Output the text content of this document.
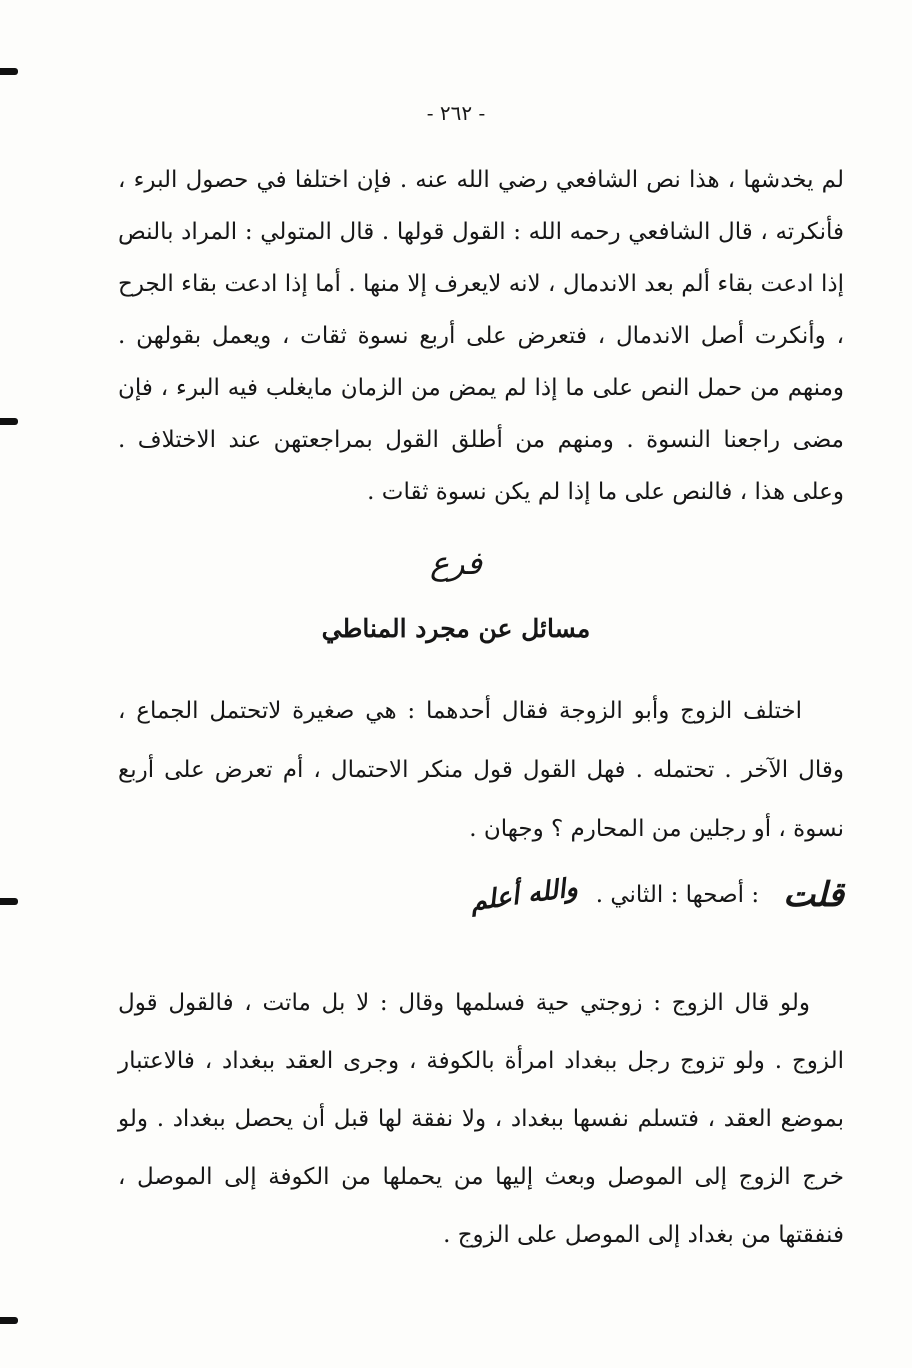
- ٢٦٢ -

لم يخدشها ، هذا نص الشافعي رضي الله عنه . فإن اختلفا في حصول البرء ، فأنكرته ، قال الشافعي رحمه الله : القول قولها . قال المتولي : المراد بالنص إذا ادعت بقاء ألم بعد الاندمال ، لانه لايعرف إلا منها . أما إذا ادعت بقاء الجرح ، وأنكرت أصل الاندمال ، فتعرض على أربع نسوة ثقات ، ويعمل بقولهن . ومنهم من حمل النص على ما إذا لم يمض من الزمان مايغلب فيه البرء ، فإن مضى راجعنا النسوة . ومنهم من أطلق القول بمراجعتهن عند الاختلاف . وعلى هذا ، فالنص على ما إذا لم يكن نسوة ثقات .

فرع
مسائل عن مجرد المناطي

اختلف الزوج وأبو الزوجة فقال أحدهما : هي صغيرة لاتحتمل الجماع ، وقال الآخر . تحتمله . فهل القول قول منكر الاحتمال ، أم تعرض على أربع نسوة ، أو رجلين من المحارم ؟ وجهان .

قلت
: أصحها : الثاني .
والله أعلم

ولو قال الزوج : زوجتي حية فسلمها وقال : لا بل ماتت ، فالقول قول الزوج . ولو تزوج رجل ببغداد امرأة بالكوفة ، وجرى العقد ببغداد ، فالاعتبار بموضع العقد ، فتسلم نفسها ببغداد ، ولا نفقة لها قبل أن يحصل ببغداد . ولو خرج الزوج إلى الموصل وبعث إليها من يحملها من الكوفة إلى الموصل ، فنفقتها من بغداد إلى الموصل على الزوج .
